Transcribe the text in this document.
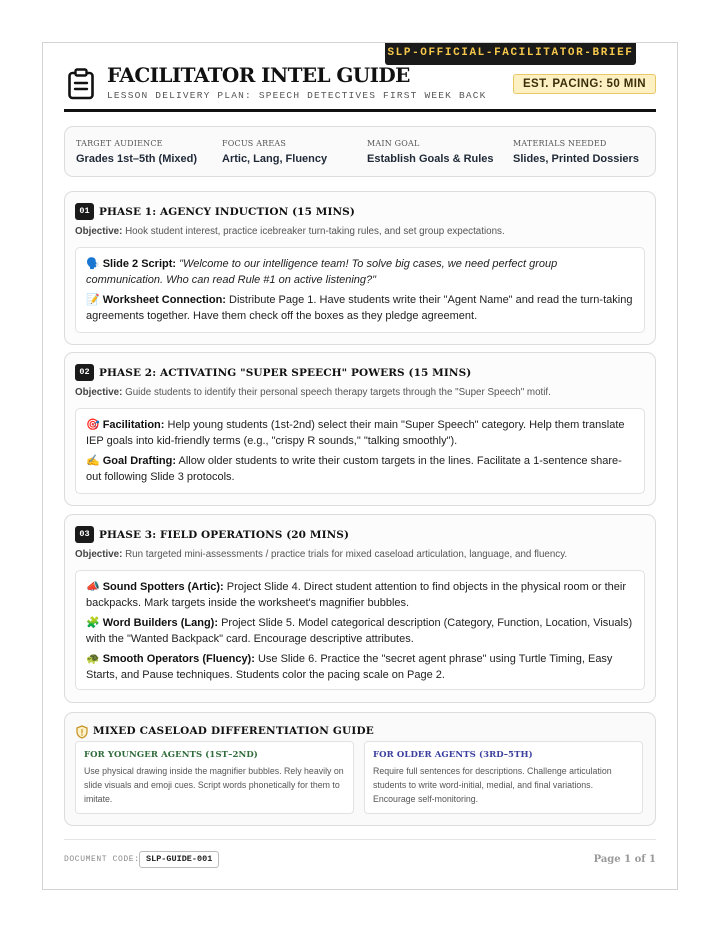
SLP-OFFICIAL-FACILITATOR-BRIEF
FACILITATOR INTEL GUIDE
LESSON DELIVERY PLAN: SPEECH DETECTIVES FIRST WEEK BACK
EST. PACING: 50 MIN
TARGET AUDIENCE
Grades 1st–5th (Mixed)
FOCUS AREAS
Artic, Lang, Fluency
MAIN GOAL
Establish Goals & Rules
MATERIALS NEEDED
Slides, Printed Dossiers
01 PHASE 1: AGENCY INDUCTION (15 MINS)
Objective: Hook student interest, practice icebreaker turn-taking rules, and set group expectations.
🗣️ Slide 2 Script: "Welcome to our intelligence team! To solve big cases, we need perfect group communication. Who can read Rule #1 on active listening?"
📝 Worksheet Connection: Distribute Page 1. Have students write their "Agent Name" and read the turn-taking agreements together. Have them check off the boxes as they pledge agreement.
02 PHASE 2: ACTIVATING "SUPER SPEECH" POWERS (15 MINS)
Objective: Guide students to identify their personal speech therapy targets through the "Super Speech" motif.
🎯 Facilitation: Help young students (1st-2nd) select their main "Super Speech" category. Help them translate IEP goals into kid-friendly terms (e.g., "crispy R sounds," "talking smoothly").
✍️ Goal Drafting: Allow older students to write their custom targets in the lines. Facilitate a 1-sentence share-out following Slide 3 protocols.
03 PHASE 3: FIELD OPERATIONS (20 MINS)
Objective: Run targeted mini-assessments / practice trials for mixed caseload articulation, language, and fluency.
📣 Sound Spotters (Artic): Project Slide 4. Direct student attention to find objects in the physical room or their backpacks. Mark targets inside the worksheet's magnifier bubbles.
🧩 Word Builders (Lang): Project Slide 5. Model categorical description (Category, Function, Location, Visuals) with the "Wanted Backpack" card. Encourage descriptive attributes.
🐢 Smooth Operators (Fluency): Use Slide 6. Practice the "secret agent phrase" using Turtle Timing, Easy Starts, and Pause techniques. Students color the pacing scale on Page 2.
MIXED CASELOAD DIFFERENTIATION GUIDE
FOR YOUNGER AGENTS (1ST–2ND)
Use physical drawing inside the magnifier bubbles. Rely heavily on slide visuals and emoji cues. Script words phonetically for them to imitate.
FOR OLDER AGENTS (3RD–5TH)
Require full sentences for descriptions. Challenge articulation students to write word-initial, medial, and final variations. Encourage self-monitoring.
DOCUMENT CODE: SLP-GUIDE-001	Page 1 of 1
